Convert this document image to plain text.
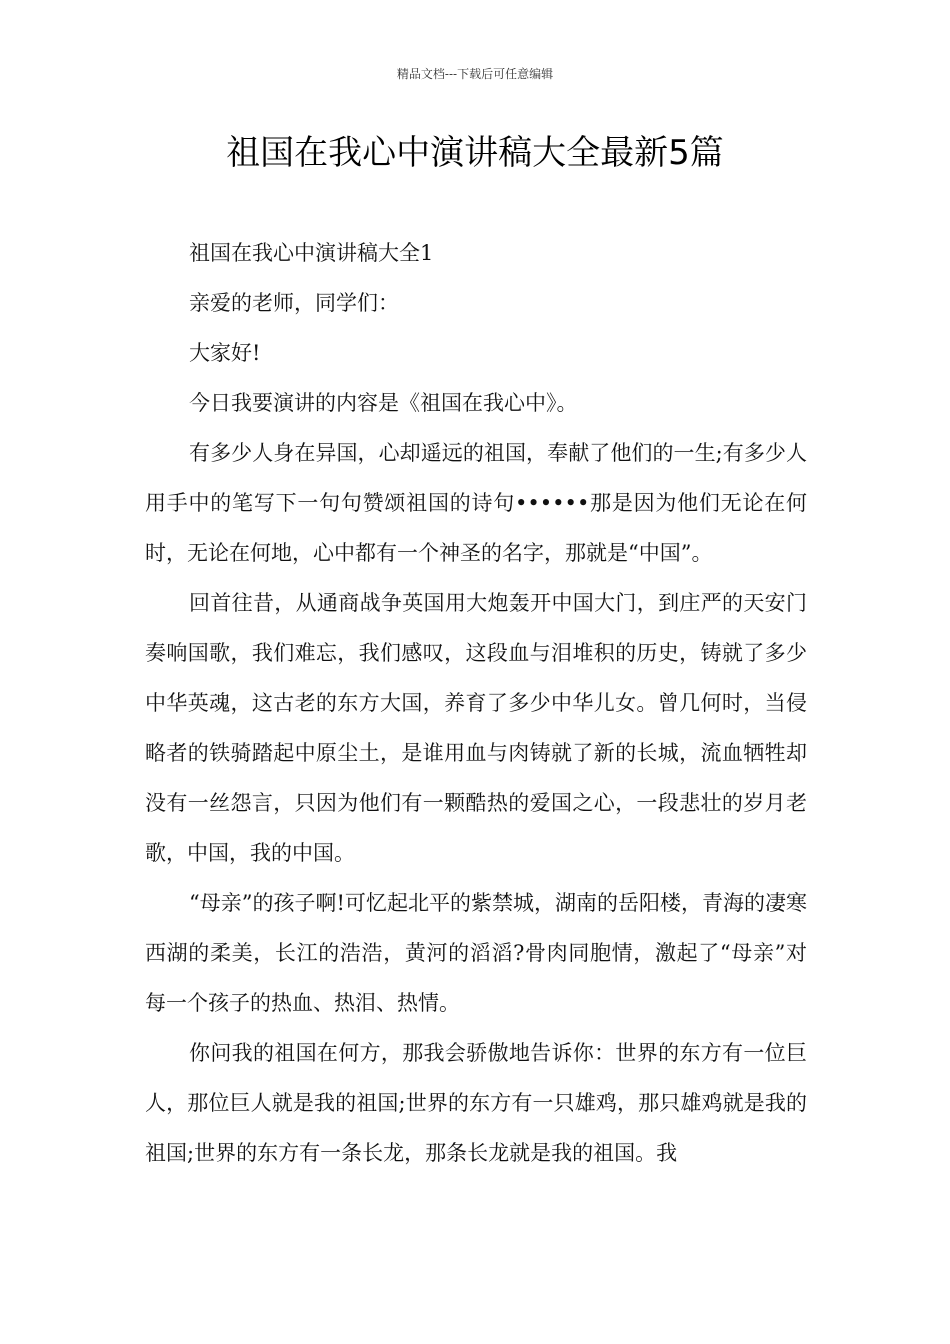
精品文档---下载后可任意编辑
祖国在我心中演讲稿大全最新5篇

祖国在我心中演讲稿大全1

亲爱的老师，同学们：

大家好!

今日我要演讲的内容是《祖国在我心中》。

有多少人身在异国，心却遥远的祖国，奉献了他们的一生;有多少人用手中的笔写下一句句赞颂祖国的诗句••••••那是因为他们无论在何时，无论在何地，心中都有一个神圣的名字，那就是“中国”。

回首往昔，从通商战争英国用大炮轰开中国大门，到庄严的天安门奏响国歌，我们难忘，我们感叹，这段血与泪堆积的历史，铸就了多少中华英魂，这古老的东方大国，养育了多少中华儿女。曾几何时，当侵略者的铁骑踏起中原尘土，是谁用血与肉铸就了新的长城，流血牺牲却没有一丝怨言，只因为他们有一颗酷热的爱国之心，一段悲壮的岁月老歌，中国，我的中国。

“母亲”的孩子啊!可忆起北平的紫禁城，湖南的岳阳楼，青海的凄寒西湖的柔美，长江的浩浩，黄河的滔滔?骨肉同胞情，激起了“母亲”对每一个孩子的热血、热泪、热情。

你问我的祖国在何方，那我会骄傲地告诉你：世界的东方有一位巨人，那位巨人就是我的祖国;世界的东方有一只雄鸡，那只雄鸡就是我的祖国;世界的东方有一条长龙，那条长龙就是我的祖国。我
